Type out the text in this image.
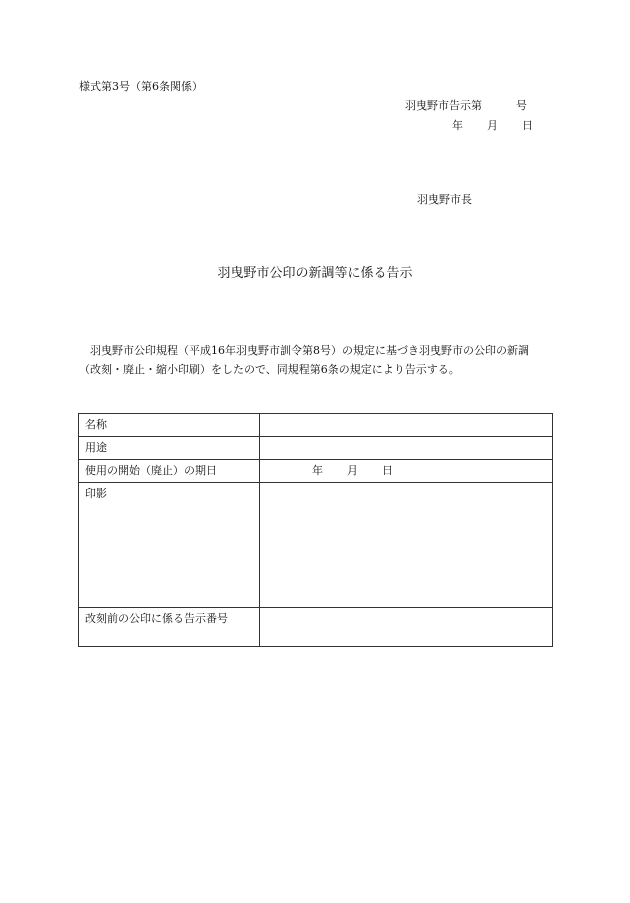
様式第3号（第6条関係）
羽曳野市告示第	号
年 月 日
羽曳野市長
羽曳野市公印の新調等に係る告示

羽曳野市公印規程（平成16年羽曳野市訓令第8号）の規定に基づき羽曳野市の公印の新調

（改刻・廃止・縮小印刷）をしたので、同規程第6条の規定により告示する。

名称	
用途	
使用の開始（廃止）の期日	年 月 日
印影	
改刻前の公印に係る告示番号	
